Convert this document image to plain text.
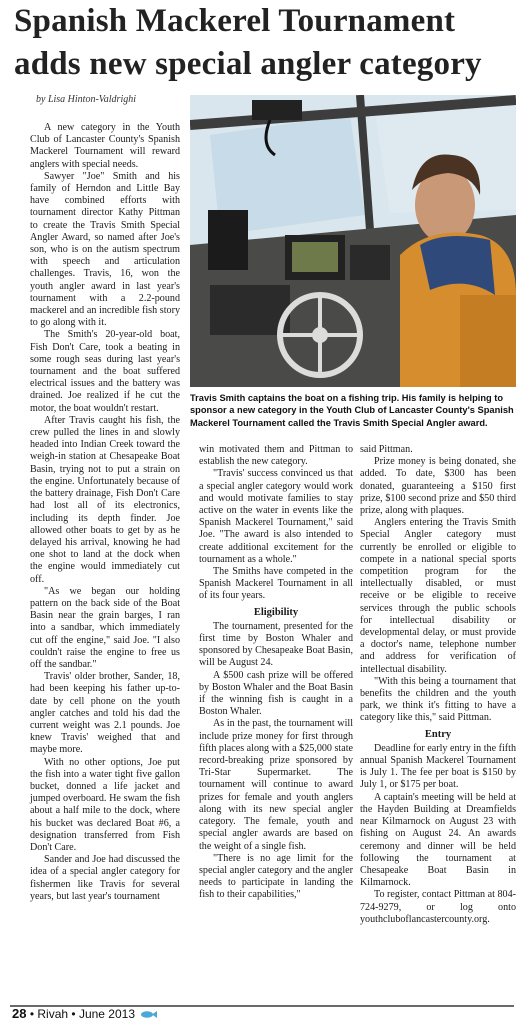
Spanish Mackerel Tournament adds new special angler category
by Lisa Hinton-Valdrighi

A new category in the Youth Club of Lancaster County's Spanish Mackerel Tournament will reward anglers with special needs.

Sawyer "Joe" Smith and his family of Herndon and Little Bay have combined efforts with tournament director Kathy Pittman to create the Travis Smith Special Angler Award, so named after Joe's son, who is on the autism spectrum with speech and articulation challenges. Travis, 16, won the youth angler award in last year's tournament with a 2.2-pound mackerel and an incredible fish story to go along with it.

The Smith's 20-year-old boat, Fish Don't Care, took a beating in some rough seas during last year's tournament and the boat suffered electrical issues and the battery was drained. Joe realized if he cut the motor, the boat wouldn't restart.

After Travis caught his fish, the crew pulled the lines in and slowly headed into Indian Creek toward the weigh-in station at Chesapeake Boat Basin, trying not to put a strain on the engine. Unfortunately because of the battery drainage, Fish Don't Care had lost all of its electronics, including its depth finder. Joe allowed other boats to get by as he delayed his arrival, knowing he had one shot to land at the dock when the engine would immediately cut off.

"As we began our holding pattern on the back side of the Boat Basin near the grain barges, I ran into a sandbar, which immediately cut off the engine," said Joe. "I also couldn't raise the engine to free us off the sandbar."

Travis' older brother, Sander, 18, had been keeping his father up-to-date by cell phone on the youth angler catches and told his dad the current weight was 2.1 pounds. Joe knew Travis' weighed that and maybe more.

With no other options, Joe put the fish into a water tight five gallon bucket, donned a life jacket and jumped overboard. He swam the fish about a half mile to the dock, where his bucket was declared Boat #6, a designation transferred from Fish Don't Care.

Sander and Joe had discussed the idea of a special angler category for fishermen like Travis for several years, but last year's tournament

Travis Smith captains the boat on a fishing trip. His family is helping to sponsor a new category in the Youth Club of Lancaster County's Spanish Mackerel Tournament called the Travis Smith Special Angler award.

win motivated them and Pittman to establish the new category.

"Travis' success convinced us that a special angler category would work and would motivate families to stay active on the water in events like the Spanish Mackerel Tournament," said Joe. "The award is also intended to create additional excitement for the tournament as a whole."

The Smiths have competed in the Spanish Mackerel Tournament in all of its four years.

Eligibility

The tournament, presented for the first time by Boston Whaler and sponsored by Chesapeake Boat Basin, will be August 24.

A $500 cash prize will be offered by Boston Whaler and the Boat Basin if the winning fish is caught in a Boston Whaler.

As in the past, the tournament will include prize money for first through fifth places along with a $25,000 state record-breaking prize sponsored by Tri-Star Supermarket. The tournament will continue to award prizes for female and youth anglers along with its new special angler category. The female, youth and special angler awards are based on the weight of a single fish.

"There is no age limit for the special angler category and the angler needs to participate in landing the fish to their capabilities,"

said Pittman.

Prize money is being donated, she added. To date, $300 has been donated, guaranteeing a $150 first prize, $100 second prize and $50 third prize, along with plaques.

Anglers entering the Travis Smith Special Angler category must currently be enrolled or eligible to compete in a national special sports competition program for the intellectually disabled, or must receive or be eligible to receive services through the public schools for intellectual disability or developmental delay, or must provide a doctor's name, telephone number and address for verification of intellectual disability.

"With this being a tournament that benefits the children and the youth park, we think it's fitting to have a category like this," said Pittman.

Entry

Deadline for early entry in the fifth annual Spanish Mackerel Tournament is July 1. The fee per boat is $150 by July 1, or $175 per boat.

A captain's meeting will be held at the Hayden Building at Dreamfields near Kilmarnock on August 23 with fishing on August 24. An awards ceremony and dinner will be held following the tournament at Chesapeake Boat Basin in Kilmarnock.

To register, contact Pittman at 804-724-9279, or log onto youthcluboflancastercounty.org.

28 • Rivah • June 2013
